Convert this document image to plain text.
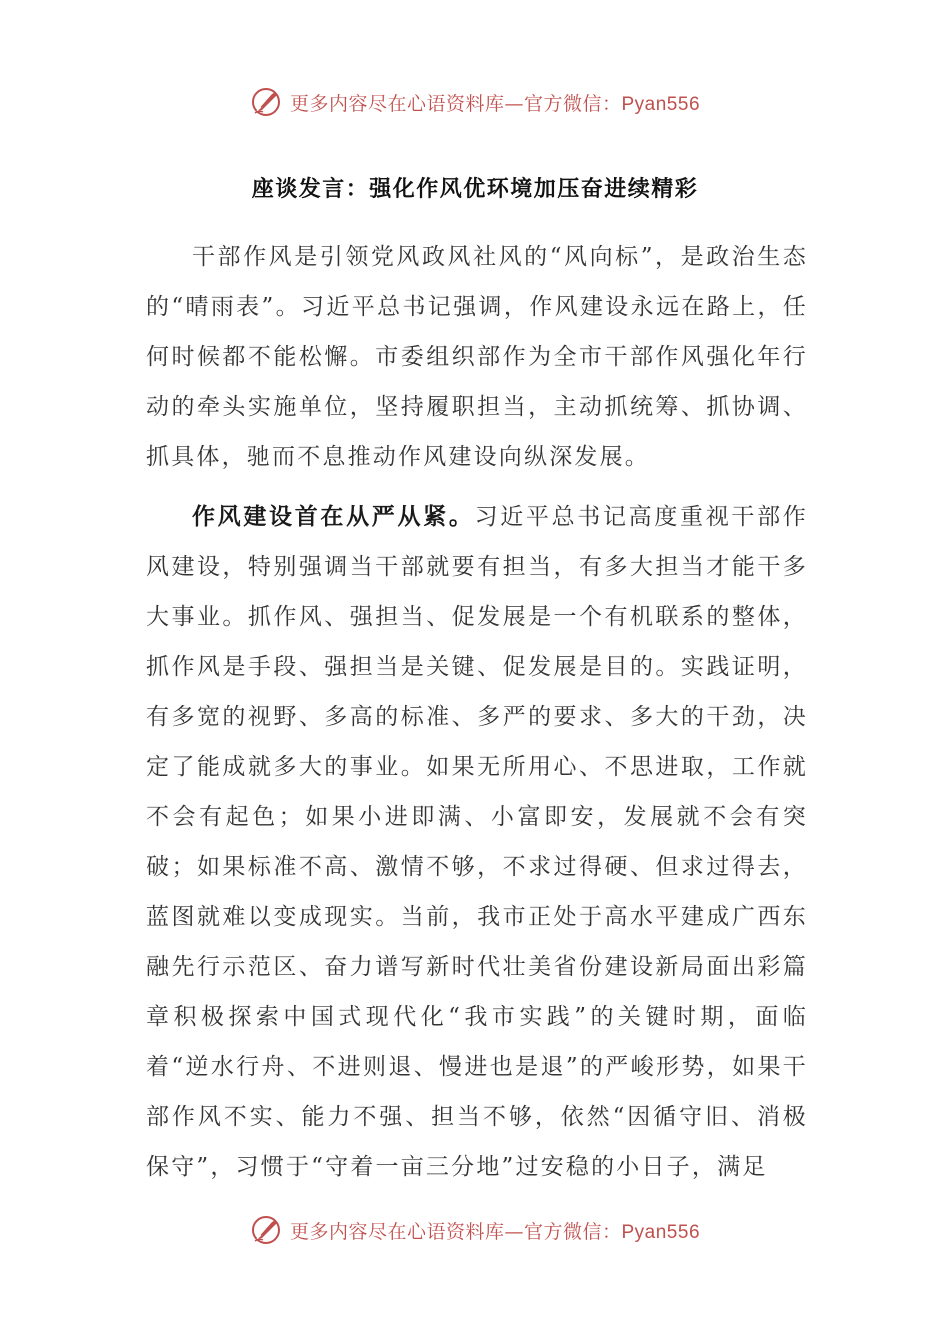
更多内容尽在心语资料库—官方微信：Pyan556
座谈发言：强化作风优环境加压奋进续精彩

干部作风是引领党风政风社风的“风向标”，是政治生态的“晴雨表”。习近平总书记强调，作风建设永远在路上，任何时候都不能松懈。市委组织部作为全市干部作风强化年行动的牵头实施单位，坚持履职担当，主动抓统筹、抓协调、抓具体，驰而不息推动作风建设向纵深发展。

作风建设首在从严从紧。习近平总书记高度重视干部作风建设，特别强调当干部就要有担当，有多大担当才能干多大事业。抓作风、强担当、促发展是一个有机联系的整体，抓作风是手段、强担当是关键、促发展是目的。实践证明，有多宽的视野、多高的标准、多严的要求、多大的干劲，决定了能成就多大的事业。如果无所用心、不思进取，工作就不会有起色；如果小进即满、小富即安，发展就不会有突破；如果标准不高、激情不够，不求过得硬、但求过得去，蓝图就难以变成现实。当前，我市正处于高水平建成广西东融先行示范区、奋力谱写新时代壮美省份建设新局面出彩篇章积极探索中国式现代化“我市实践”的关键时期，面临着“逆水行舟、不进则退、慢进也是退”的严峻形势，如果干部作风不实、能力不强、担当不够，依然“因循守旧、消极保守”，习惯于“守着一亩三分地”过安稳的小日子，满足

更多内容尽在心语资料库—官方微信：Pyan556
